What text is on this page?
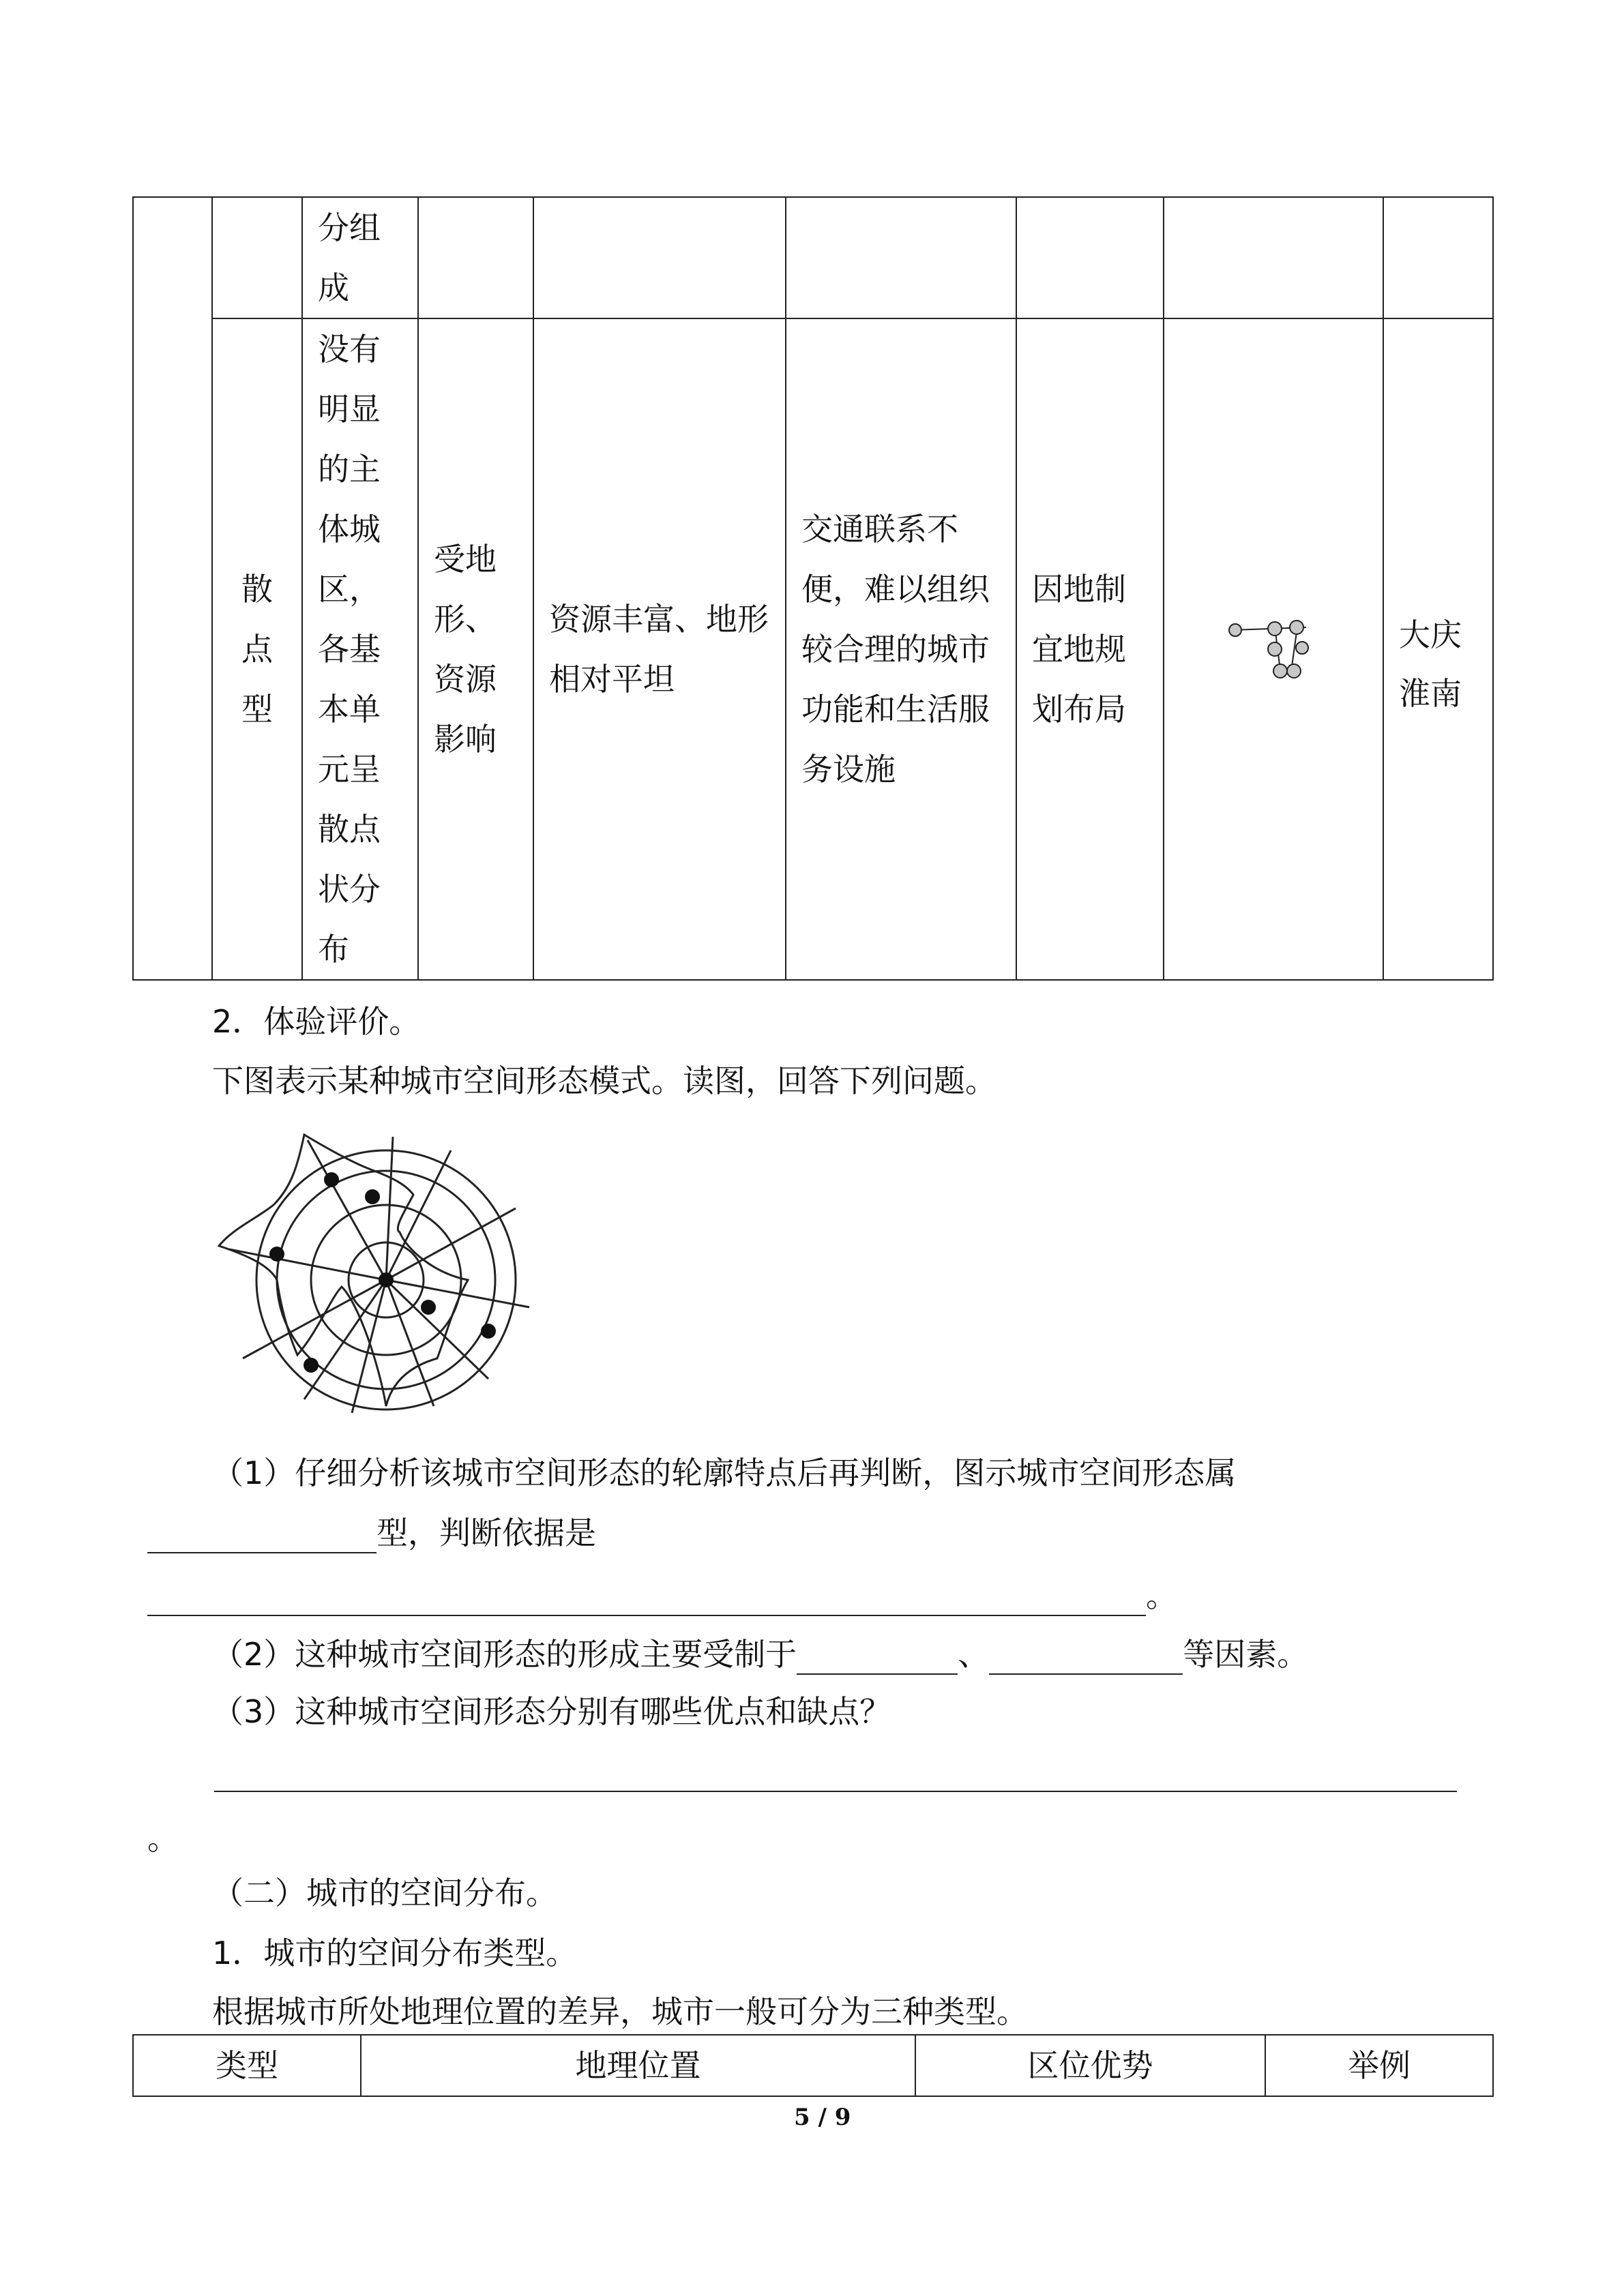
		分组成						

	散点型	没有明显的主体城区，各基本单元呈散点状分布	受地形、资源影响	资源丰富、地形相对平坦	交通联系不便，难以组织较合理的城市功能和生活服务设施	因地制宜地规划布局		大庆
淮南
2．体验评价。
下图表示某种城市空间形态模式。读图，回答下列问题。
（1）仔细分析该城市空间形态的轮廓特点后再判断，图示城市空间形态属
型，判断依据是
。
（2）这种城市空间形态的形成主要受制于	、	等因素。
（3）这种城市空间形态分别有哪些优点和缺点？
。
（二）城市的空间分布。
1．城市的空间分布类型。
根据城市所处地理位置的差异，城市一般可分为三种类型。
类型	地理位置	区位优势	举例
5 / 9
